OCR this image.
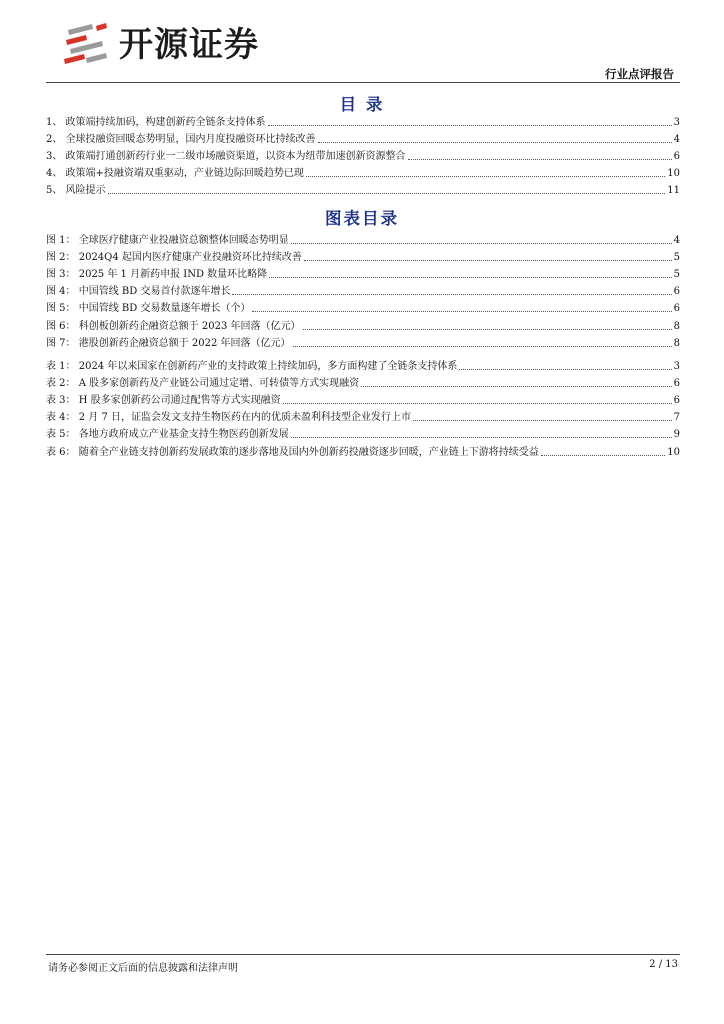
开源证券
行业点评报告
目 录
1、 政策端持续加码，构建创新药全链条支持体系	3
2、 全球投融资回暖态势明显，国内月度投融资环比持续改善	4
3、 政策端打通创新药行业一二级市场融资渠道，以资本为纽带加速创新资源整合	6
4、 政策端+投融资端双重驱动，产业链边际回暖趋势已现	10
5、 风险提示	11
图表目录
图 1： 全球医疗健康产业投融资总额整体回暖态势明显	4
图 2： 2024Q4 起国内医疗健康产业投融资环比持续改善	5
图 3： 2025 年 1 月新药申报 IND 数量环比略降	5
图 4： 中国管线 BD 交易首付款逐年增长	6
图 5： 中国管线 BD 交易数量逐年增长（个）	6
图 6： 科创板创新药企融资总额于 2023 年回落（亿元）	8
图 7： 港股创新药企融资总额于 2022 年回落（亿元）	8
表 1： 2024 年以来国家在创新药产业的支持政策上持续加码，多方面构建了全链条支持体系	3
表 2： A 股多家创新药及产业链公司通过定增、可转债等方式实现融资	6
表 3： H 股多家创新药公司通过配售等方式实现融资	6
表 4： 2 月 7 日，证监会发文支持生物医药在内的优质未盈利科技型企业发行上市	7
表 5： 各地方政府成立产业基金支持生物医药创新发展	9
表 6： 随着全产业链支持创新药发展政策的逐步落地及国内外创新药投融资逐步回暖，产业链上下游将持续受益	10
请务必参阅正文后面的信息披露和法律声明	2 / 13
